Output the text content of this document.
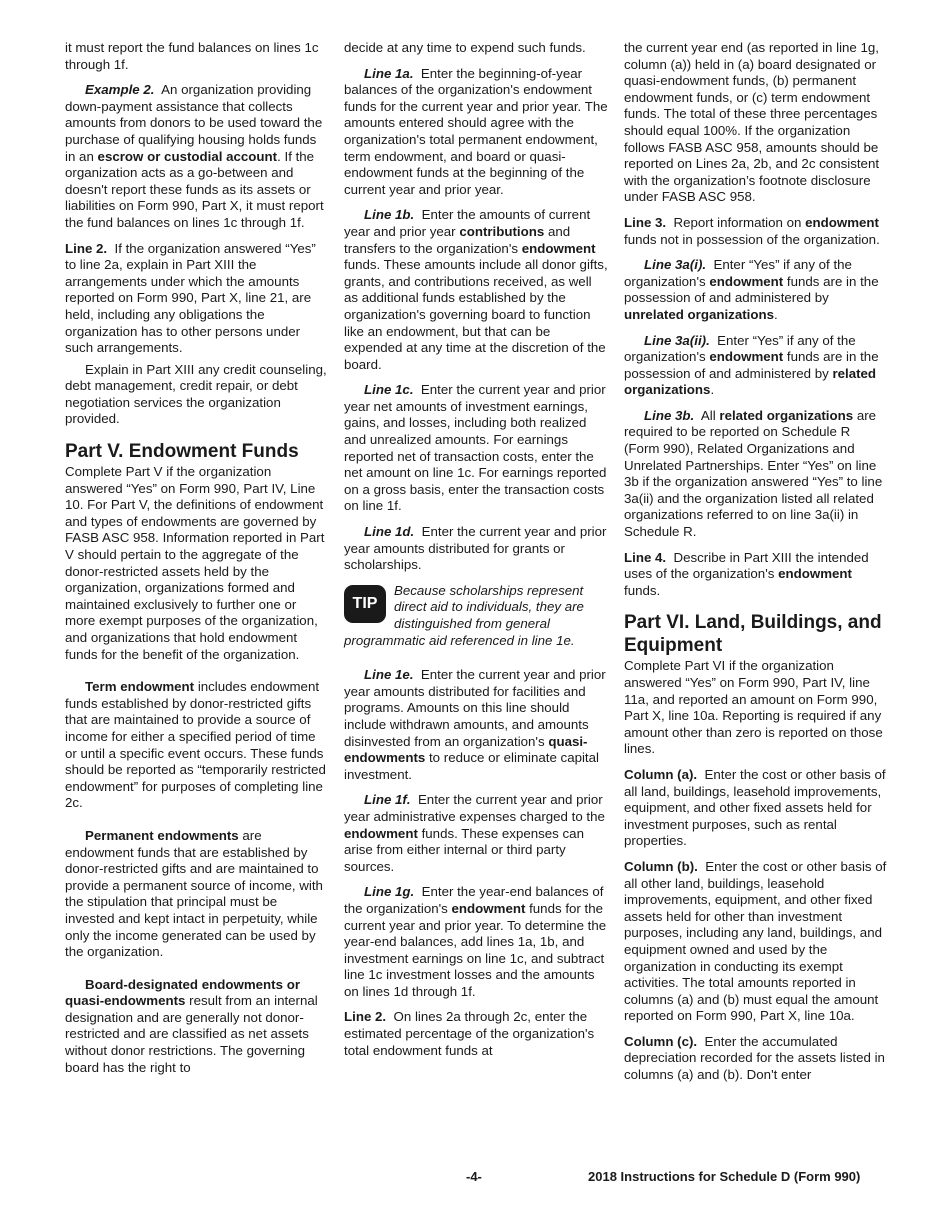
it must report the fund balances on lines 1c through 1f.

Example 2. An organization providing down-payment assistance that collects amounts from donors to be used toward the purchase of qualifying housing holds funds in an escrow or custodial account. If the organization acts as a go-between and doesn't report these funds as its assets or liabilities on Form 990, Part X, it must report the fund balances on lines 1c through 1f.

Line 2. If the organization answered “Yes” to line 2a, explain in Part XIII the arrangements under which the amounts reported on Form 990, Part X, line 21, are held, including any obligations the organization has to other persons under such arrangements.

Explain in Part XIII any credit counseling, debt management, credit repair, or debt negotiation services the organization provided.

Part V. Endowment Funds

Complete Part V if the organization answered “Yes” on Form 990, Part IV, Line 10. For Part V, the definitions of endowment and types of endowments are governed by FASB ASC 958. Information reported in Part V should pertain to the aggregate of the donor-restricted assets held by the organization, organizations formed and maintained exclusively to further one or more exempt purposes of the organization, and organizations that hold endowment funds for the benefit of the organization.

Term endowment includes endowment funds established by donor-restricted gifts that are maintained to provide a source of income for either a specified period of time or until a specific event occurs. These funds should be reported as “temporarily restricted endowment” for purposes of completing line 2c.

Permanent endowments are endowment funds that are established by donor-restricted gifts and are maintained to provide a permanent source of income, with the stipulation that principal must be invested and kept intact in perpetuity, while only the income generated can be used by the organization.

Board-designated endowments or quasi-endowments result from an internal designation and are generally not donor-restricted and are classified as net assets without donor restrictions. The governing board has the right to

decide at any time to expend such funds.

Line 1a. Enter the beginning-of-year balances of the organization's endowment funds for the current year and prior year. The amounts entered should agree with the organization's total permanent endowment, term endowment, and board or quasi-endowment funds at the beginning of the current year and prior year.

Line 1b. Enter the amounts of current year and prior year contributions and transfers to the organization's endowment funds. These amounts include all donor gifts, grants, and contributions received, as well as additional funds established by the organization's governing board to function like an endowment, but that can be expended at any time at the discretion of the board.

Line 1c. Enter the current year and prior year net amounts of investment earnings, gains, and losses, including both realized and unrealized amounts. For earnings reported net of transaction costs, enter the net amount on line 1c. For earnings reported on a gross basis, enter the transaction costs on line 1f.

Line 1d. Enter the current year and prior year amounts distributed for grants or scholarships.

TIP
Because scholarships represent direct aid to individuals, they are distinguished from general programmatic aid referenced in line 1e.

Line 1e. Enter the current year and prior year amounts distributed for facilities and programs. Amounts on this line should include withdrawn amounts, and amounts disinvested from an organization's quasi-endowments to reduce or eliminate capital investment.

Line 1f. Enter the current year and prior year administrative expenses charged to the endowment funds. These expenses can arise from either internal or third party sources.

Line 1g. Enter the year-end balances of the organization's endowment funds for the current year and prior year. To determine the year-end balances, add lines 1a, 1b, and investment earnings on line 1c, and subtract line 1c investment losses and the amounts on lines 1d through 1f.

Line 2. On lines 2a through 2c, enter the estimated percentage of the organization's total endowment funds at

the current year end (as reported in line 1g, column (a)) held in (a) board designated or quasi-endowment funds, (b) permanent endowment funds, or (c) term endowment funds. The total of these three percentages should equal 100%. If the organization follows FASB ASC 958, amounts should be reported on Lines 2a, 2b, and 2c consistent with the organization’s footnote disclosure under FASB ASC 958.

Line 3. Report information on endowment funds not in possession of the organization.

Line 3a(i). Enter “Yes” if any of the organization's endowment funds are in the possession of and administered by unrelated organizations.

Line 3a(ii). Enter “Yes” if any of the organization's endowment funds are in the possession of and administered by related organizations.

Line 3b. All related organizations are required to be reported on Schedule R (Form 990), Related Organizations and Unrelated Partnerships. Enter “Yes” on line 3b if the organization answered “Yes” to line 3a(ii) and the organization listed all related organizations referred to on line 3a(ii) in Schedule R.

Line 4. Describe in Part XIII the intended uses of the organization's endowment funds.

Part VI. Land, Buildings, and Equipment

Complete Part VI if the organization answered “Yes” on Form 990, Part IV, line 11a, and reported an amount on Form 990, Part X, line 10a. Reporting is required if any amount other than zero is reported on those lines.

Column (a). Enter the cost or other basis of all land, buildings, leasehold improvements, equipment, and other fixed assets held for investment purposes, such as rental properties.

Column (b). Enter the cost or other basis of all other land, buildings, leasehold improvements, equipment, and other fixed assets held for other than investment purposes, including any land, buildings, and equipment owned and used by the organization in conducting its exempt activities. The total amounts reported in columns (a) and (b) must equal the amount reported on Form 990, Part X, line 10a.

Column (c). Enter the accumulated depreciation recorded for the assets listed in columns (a) and (b). Don't enter

-4-	2018 Instructions for Schedule D (Form 990)
